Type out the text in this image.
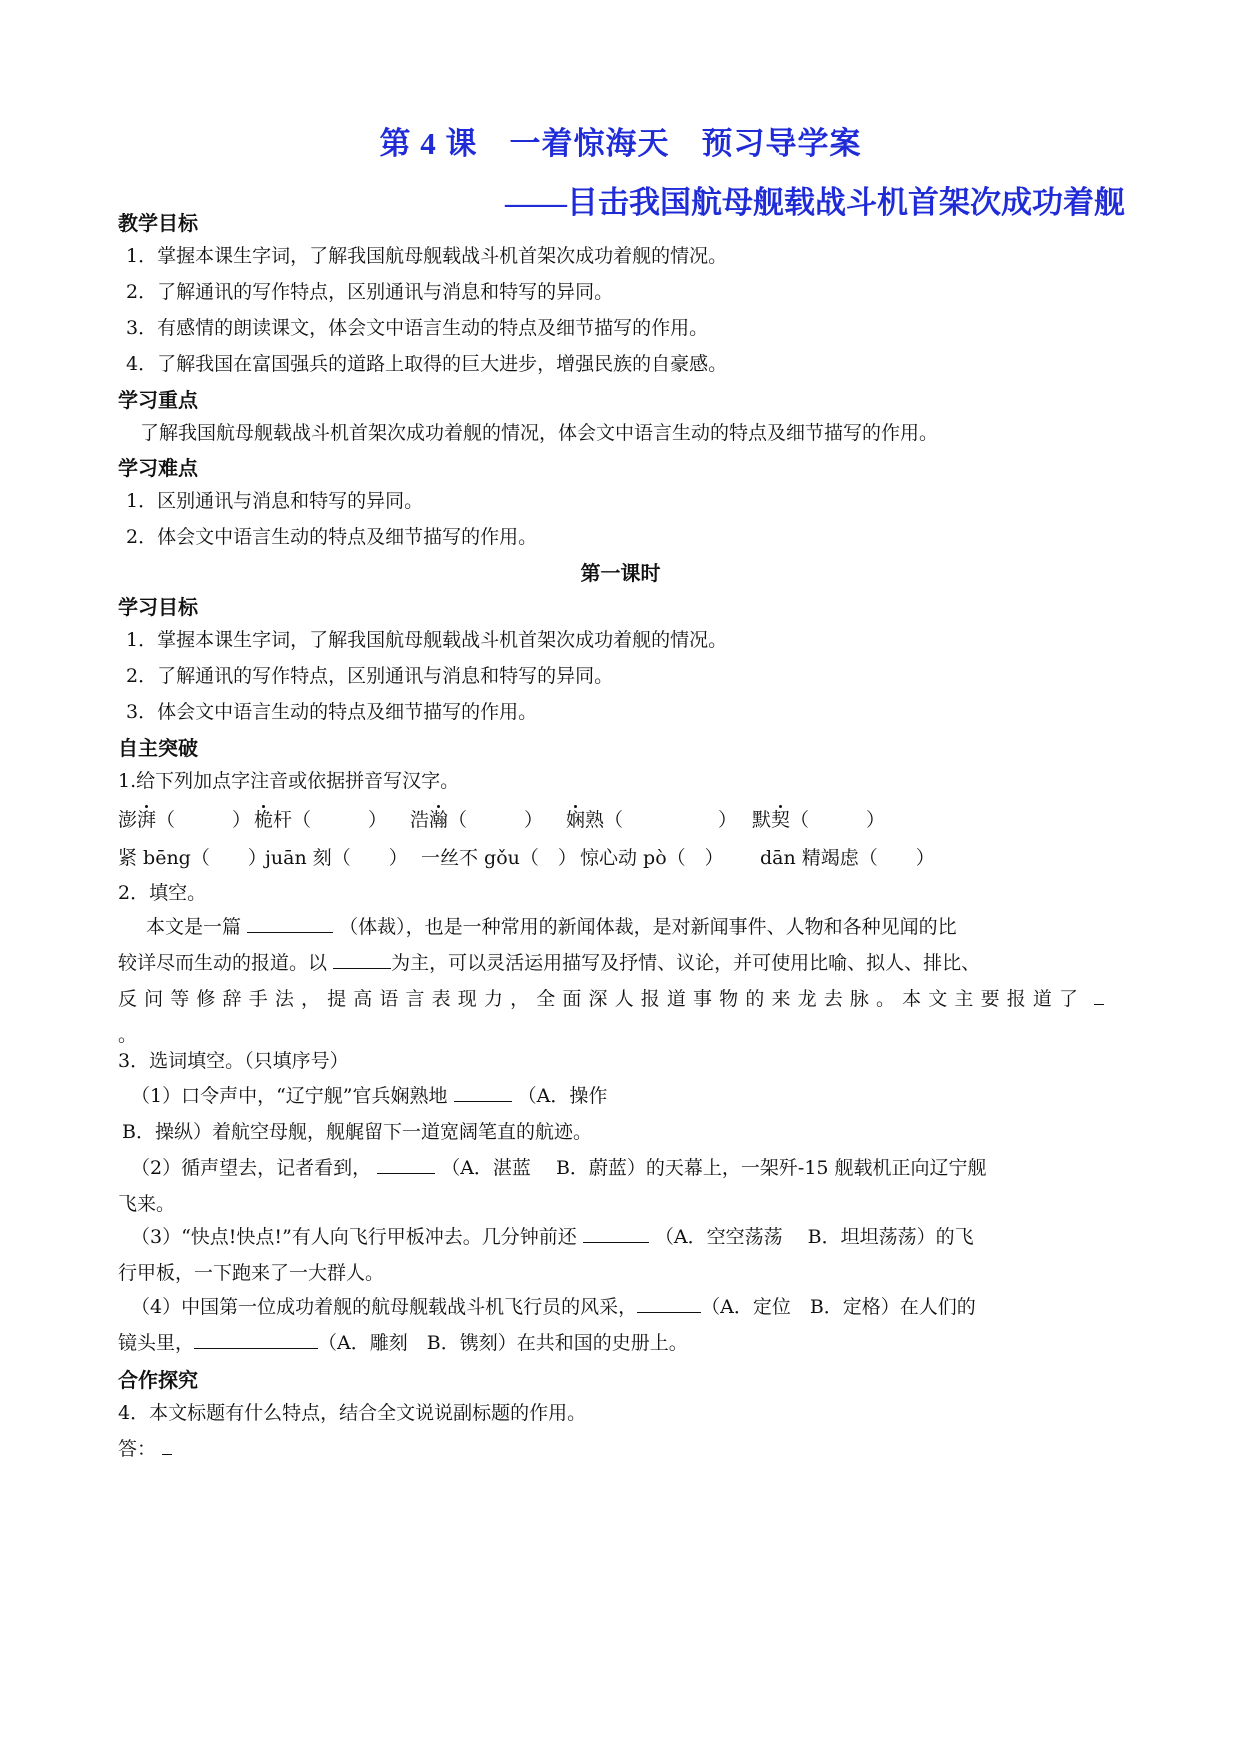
第 4 课　一着惊海天　预习导学案
——目击我国航母舰载战斗机首架次成功着舰
教学目标
1．掌握本课生字词，了解我国航母舰载战斗机首架次成功着舰的情况。
2．了解通讯的写作特点，区别通讯与消息和特写的异同。
3．有感情的朗读课文，体会文中语言生动的特点及细节描写的作用。
4．了解我国在富国强兵的道路上取得的巨大进步，增强民族的自豪感。
学习重点
了解我国航母舰载战斗机首架次成功着舰的情况，体会文中语言生动的特点及细节描写的作用。
学习难点
1．区别通讯与消息和特写的异同。
2．体会文中语言生动的特点及细节描写的作用。
第一课时
学习目标
1．掌握本课生字词，了解我国航母舰载战斗机首架次成功着舰的情况。
2．了解通讯的写作特点，区别通讯与消息和特写的异同。
3．体会文中语言生动的特点及细节描写的作用。
自主突破
1.给下列加点字注音或依据拼音写汉字。
澎湃（　　　） 桅杆（　　　） 浩瀚（　　　） 娴熟（　　　　　） 默契（　　　）
紧 bēng（　　）
juān 刻（　　） 一丝不 gǒu（　） 惊心动 pò（　） dān 精竭虑（　　）
2．填空。
本文是一篇	（体裁），也是一种常用的新闻体裁，是对新闻事件、人物和各种见闻的比
较详尽而生动的报道。以	为主，可以灵活运用描写及抒情、议论，并可使用比喻、拟人、排比、
反问等修辞手法，提高语言表现力，全面深人报道事物的来龙去脉。本文主要报道了
。
3．选词填空。（只填序号）
（1）口令声中，“辽宁舰”官兵娴熟地	（A．操作
B．操纵）着航空母舰，舰艉留下一道宽阔笔直的航迹。
（2）循声望去，记者看到，	（A．湛蓝　 B．蔚蓝）的天幕上，一架歼-15 舰载机正向辽宁舰
飞来。
（3）“快点!快点!”有人向飞行甲板冲去。几分钟前还	（A．空空荡荡　 B．坦坦荡荡）的飞
行甲板，一下跑来了一大群人。
（4）中国第一位成功着舰的航母舰载战斗机飞行员的风采，	（A．定位　B．定格）在人们的
镜头里，	（A．雕刻　B．镌刻）在共和国的史册上。
合作探究
4．本文标题有什么特点，结合全文说说副标题的作用。
答：
